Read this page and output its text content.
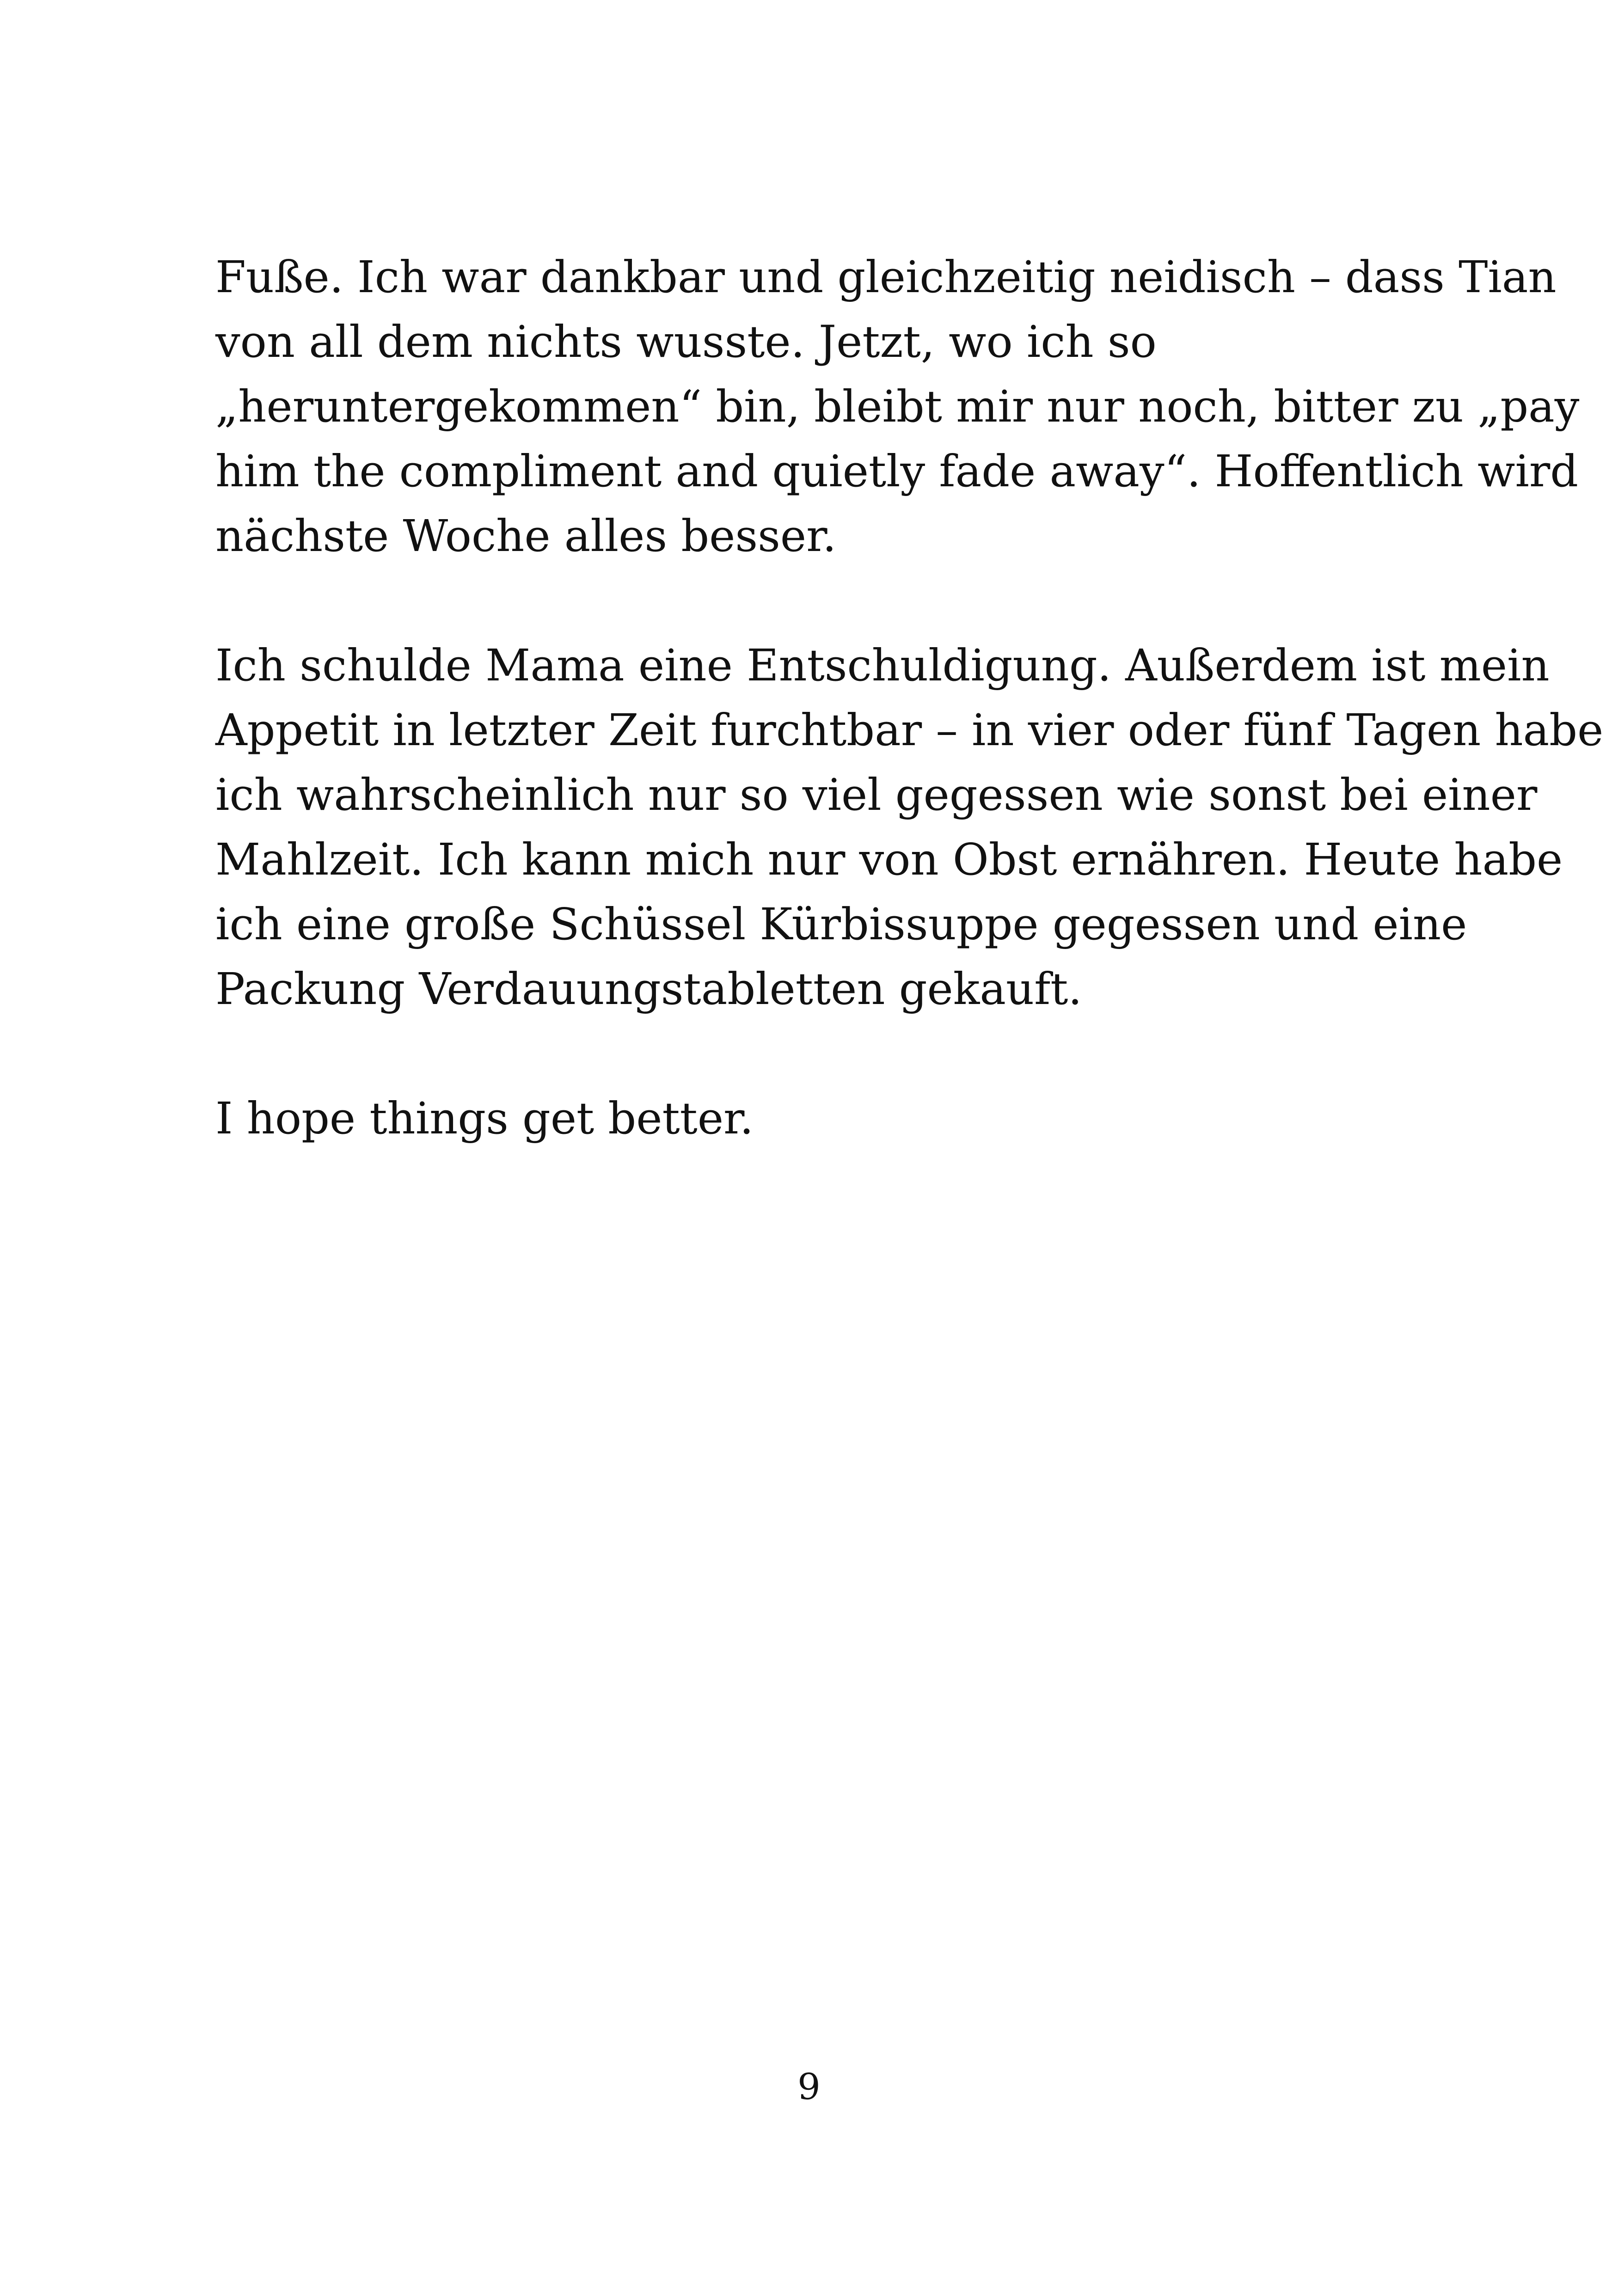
Fuße. Ich war dankbar und gleichzeitig neidisch – dass Tian
von all dem nichts wusste. Jetzt, wo ich so
„heruntergekommen“ bin, bleibt mir nur noch, bitter zu „pay
him the compliment and quietly fade away“. Hoffentlich wird
nächste Woche alles besser.

Ich schulde Mama eine Entschuldigung. Außerdem ist mein
Appetit in letzter Zeit furchtbar – in vier oder fünf Tagen habe
ich wahrscheinlich nur so viel gegessen wie sonst bei einer
Mahlzeit. Ich kann mich nur von Obst ernähren. Heute habe
ich eine große Schüssel Kürbissuppe gegessen und eine
Packung Verdauungstabletten gekauft.

I hope things get better.

9
